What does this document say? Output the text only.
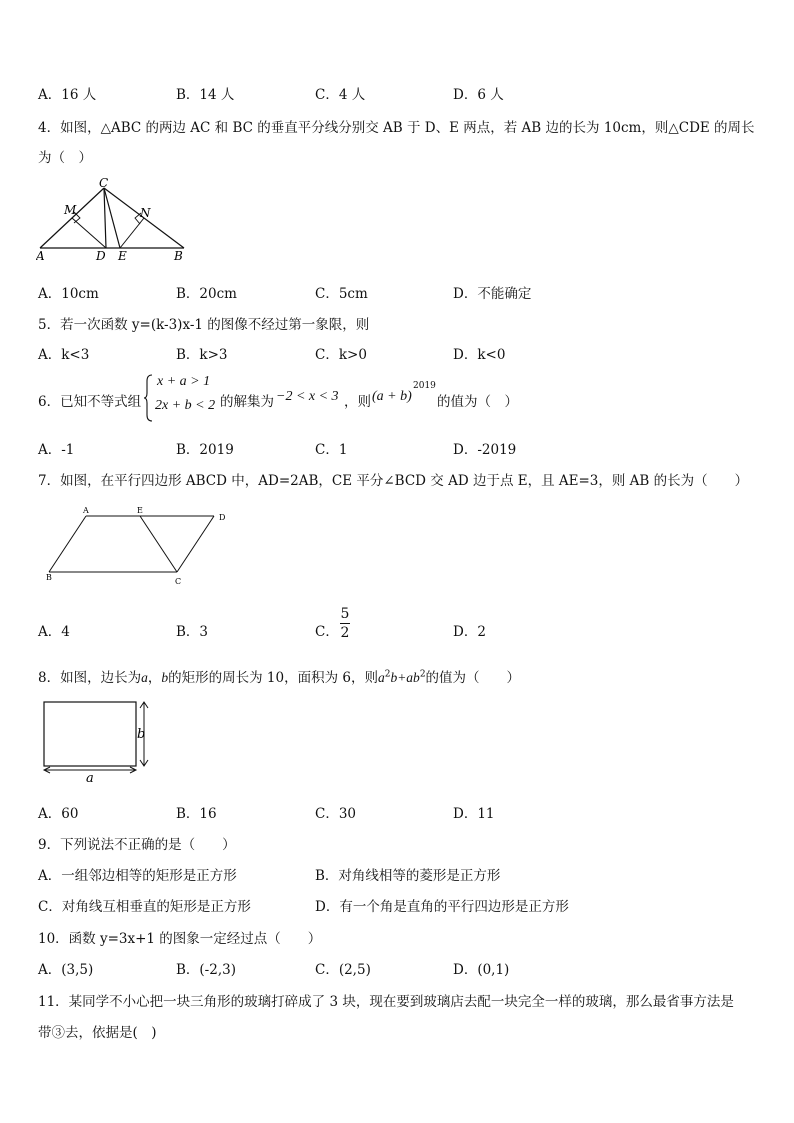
A．16 人	B．14 人	C．4 人	D．6 人
4．如图，△ABC 的两边 AC 和 BC 的垂直平分线分别交 AB 于 D、E 两点，若 AB 边的长为 10cm，则△CDE 的周长
为（　）
C
M	N
A	D E	B
A．10cm	B．20cm	C．5cm	D．不能确定
5．若一次函数 y=(k-3)x-1 的图像不经过第一象限，则
A．k<3	B．k>3	C．k>0	D．k<0
6．已知不等式组
x + a > 1
2x + b < 2 的解集为 −2 < x < 3 ，则 (a + b)
2019
的值为（　）
A．-1	B．2019	C．1	D．-2019
7．如图，在平行四边形 ABCD 中，AD=2AB，CE 平分∠BCD 交 AD 边于点 E，且 AE=3，则 AB 的长为（　　）
A	E
D
B	C
A．4	B．3	C．
5
2	D．2
8．如图，边长为a，b的矩形的周长为 10，面积为 6，则$a^2b+ab^2$的值为（　　）
b
a
A．60	B．16	C．30	D．11
9．下列说法不正确的是（　　）
A．一组邻边相等的矩形是正方形	B．对角线相等的菱形是正方形
C．对角线互相垂直的矩形是正方形	D．有一个角是直角的平行四边形是正方形
10．函数 y=3x+1 的图象一定经过点（　　）
A．(3,5)	B．(-2,3)	C．(2,5)	D．(0,1)
11．某同学不小心把一块三角形的玻璃打碎成了 3 块，现在要到玻璃店去配一块完全一样的玻璃，那么最省事方法是
带③去，依据是(　)
